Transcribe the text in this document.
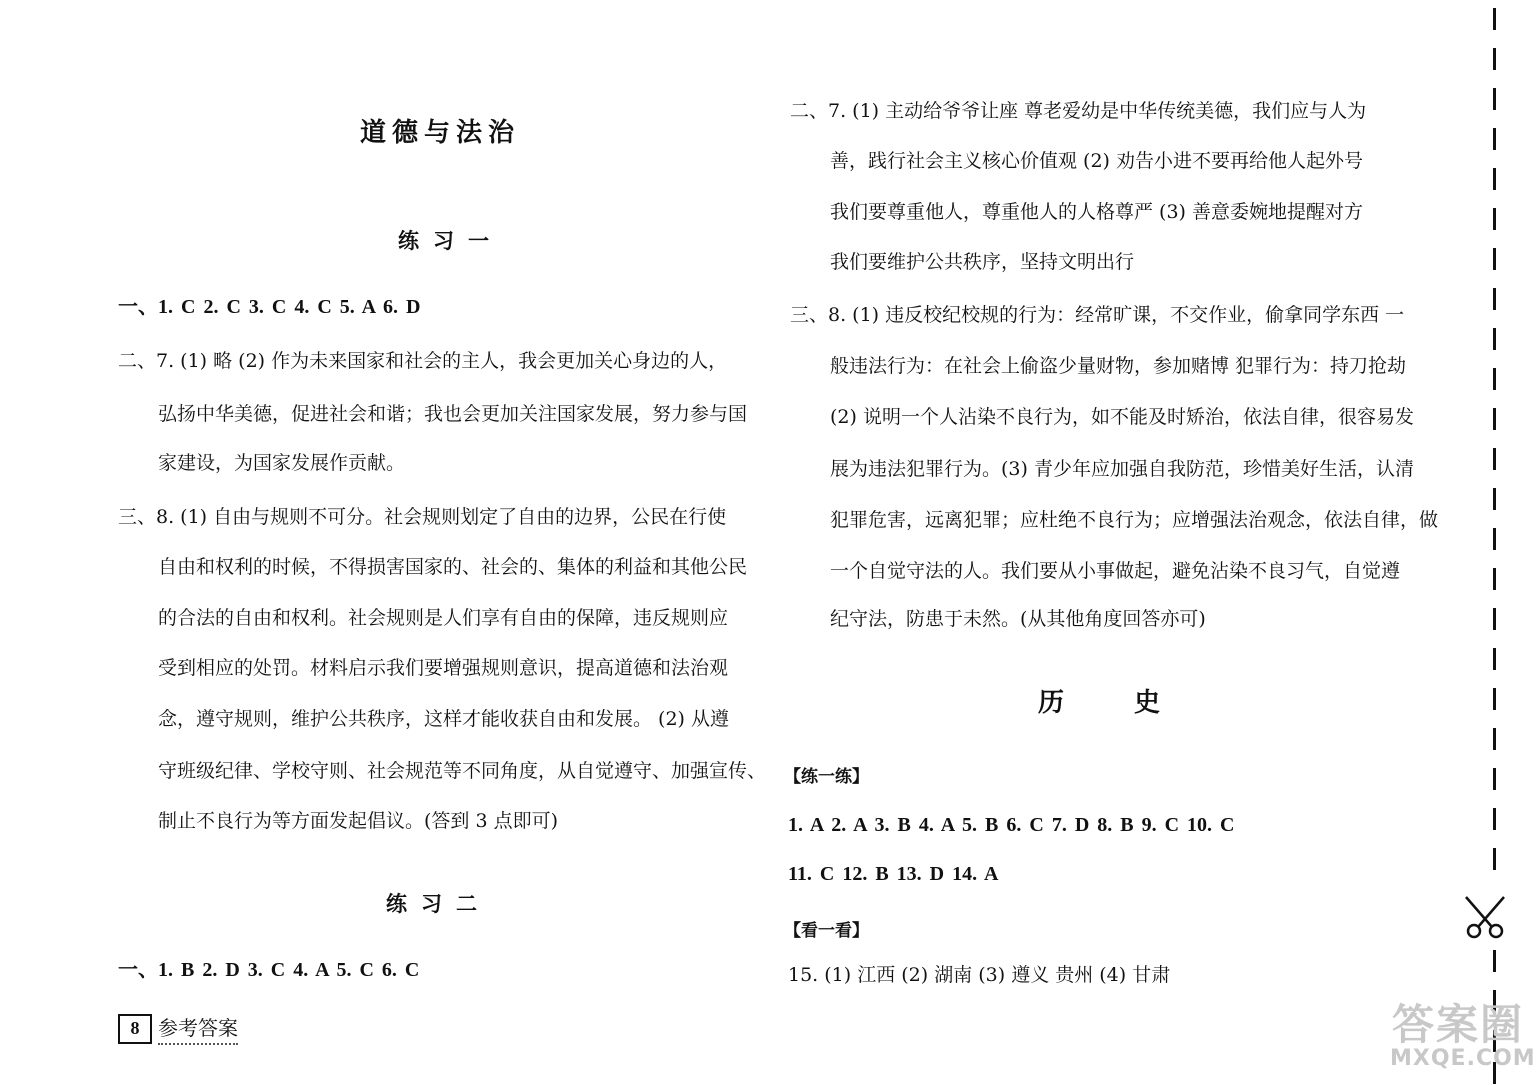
道德与法治
练习一
一、1. C 2. C 3. C 4. C 5. A 6. D
二、7. (1) 略 (2) 作为未来国家和社会的主人，我会更加关心身边的人，
弘扬中华美德，促进社会和谐；我也会更加关注国家发展，努力参与国
家建设，为国家发展作贡献。
三、8. (1) 自由与规则不可分。社会规则划定了自由的边界，公民在行使
自由和权利的时候，不得损害国家的、社会的、集体的利益和其他公民
的合法的自由和权利。社会规则是人们享有自由的保障，违反规则应
受到相应的处罚。材料启示我们要增强规则意识，提高道德和法治观
念，遵守规则，维护公共秩序，这样才能收获自由和发展。 (2) 从遵
守班级纪律、学校守则、社会规范等不同角度，从自觉遵守、加强宣传、
制止不良行为等方面发起倡议。(答到 3 点即可)
练习二
一、1. B 2. D 3. C 4. A 5. C 6. C
二、7. (1) 主动给爷爷让座 尊老爱幼是中华传统美德，我们应与人为
善，践行社会主义核心价值观 (2) 劝告小进不要再给他人起外号
我们要尊重他人，尊重他人的人格尊严 (3) 善意委婉地提醒对方
我们要维护公共秩序，坚持文明出行
三、8. (1) 违反校纪校规的行为：经常旷课，不交作业，偷拿同学东西 一
般违法行为：在社会上偷盗少量财物，参加赌博 犯罪行为：持刀抢劫
(2) 说明一个人沾染不良行为，如不能及时矫治，依法自律，很容易发
展为违法犯罪行为。(3) 青少年应加强自我防范，珍惜美好生活，认清
犯罪危害，远离犯罪；应杜绝不良行为；应增强法治观念，依法自律，做
一个自觉守法的人。我们要从小事做起，避免沾染不良习气，自觉遵
纪守法，防患于未然。(从其他角度回答亦可)
历　　史
【练一练】
1. A 2. A 3. B 4. A 5. B 6. C 7. D 8. B 9. C 10. C
11. C 12. B 13. D 14. A
【看一看】
15. (1) 江西 (2) 湖南 (3) 遵义 贵州 (4) 甘肃
8 参考答案	答案圈
MXQE.COM
